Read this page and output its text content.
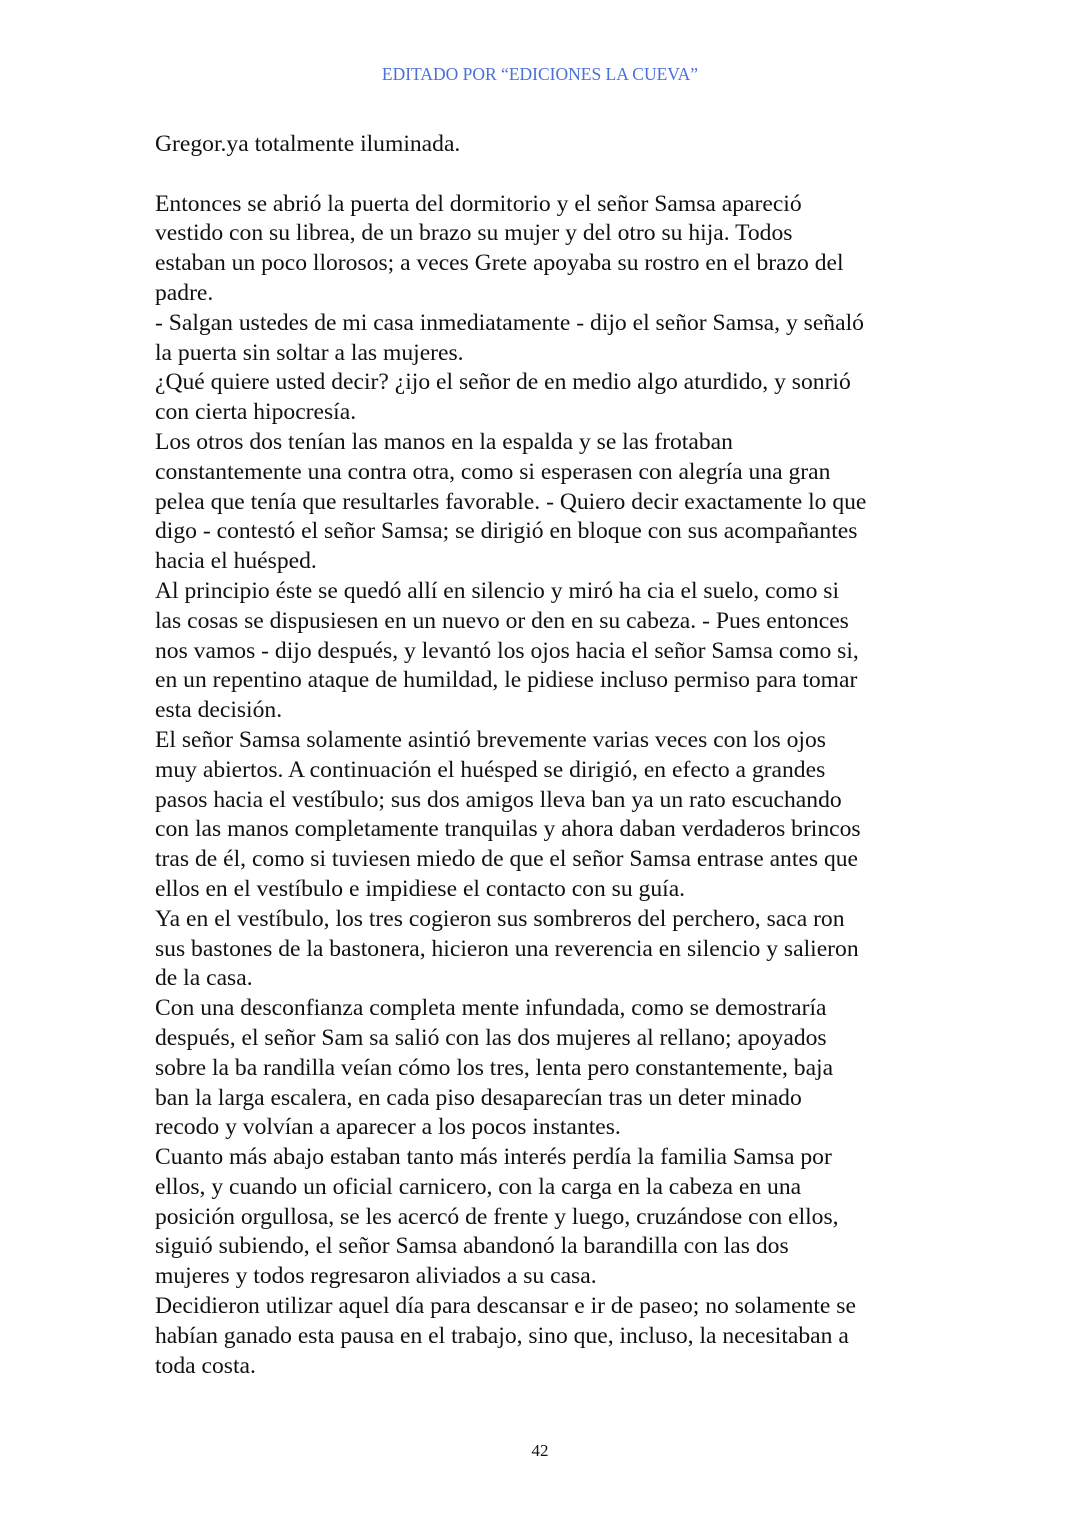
EDITADO POR “EDICIONES LA CUEVA”
Gregor.ya totalmente iluminada.
Entonces se abrió la puerta del dormitorio y el señor Samsa apareció
vestido con su librea, de un brazo su mujer y del otro su hija. Todos
estaban un poco llorosos; a veces Grete apoyaba su rostro en el brazo del
padre.
- Salgan ustedes de mi casa inmediatamente - dijo el señor Samsa, y señaló
la puerta sin soltar a las mujeres.
¿Qué quiere usted decir? ¿ijo el señor de en medio algo aturdido, y sonrió
con cierta hipocresía.
Los otros dos tenían las manos en la espalda y se las frotaban
constantemente una contra otra, como si esperasen con alegría una gran
pelea que tenía que resultarles favorable. - Quiero decir exactamente lo que
digo - contestó el señor Samsa; se dirigió en bloque con sus acompañantes
hacia el huésped.
Al principio éste se quedó allí en silencio y miró ha cia el suelo, como si
las cosas se dispusiesen en un nuevo or den en su cabeza. - Pues entonces
nos vamos - dijo después, y levantó los ojos hacia el señor Samsa como si,
en un repentino ataque de humildad, le pidiese incluso permiso para tomar
esta decisión.
El señor Samsa solamente asintió brevemente varias veces con los ojos
muy abiertos. A continuación el huésped se dirigió, en efecto a grandes
pasos hacia el vestíbulo; sus dos amigos lleva ban ya un rato escuchando
con las manos completamente tranquilas y ahora daban verdaderos brincos
tras de él, como si tuviesen miedo de que el señor Samsa entrase antes que
ellos en el vestíbulo e impidiese el contacto con su guía.
Ya en el vestíbulo, los tres cogieron sus sombreros del perchero, saca ron
sus bastones de la bastonera, hicieron una reverencia en silencio y salieron
de la casa.
Con una desconfianza completa mente infundada, como se demostraría
después, el señor Sam sa salió con las dos mujeres al rellano; apoyados
sobre la ba randilla veían cómo los tres, lenta pero constantemente, baja
ban la larga escalera, en cada piso desaparecían tras un deter minado
recodo y volvían a aparecer a los pocos instantes.
Cuanto más abajo estaban tanto más interés perdía la familia Samsa por
ellos, y cuando un oficial carnicero, con la carga en la cabeza en una
posición orgullosa, se les acercó de frente y luego, cruzándose con ellos,
siguió subiendo, el señor Samsa abandonó la barandilla con las dos
mujeres y todos regresaron aliviados a su casa.
Decidieron utilizar aquel día para descansar e ir de paseo; no solamente se
habían ganado esta pausa en el trabajo, sino que, incluso, la necesitaban a
toda costa.
42
